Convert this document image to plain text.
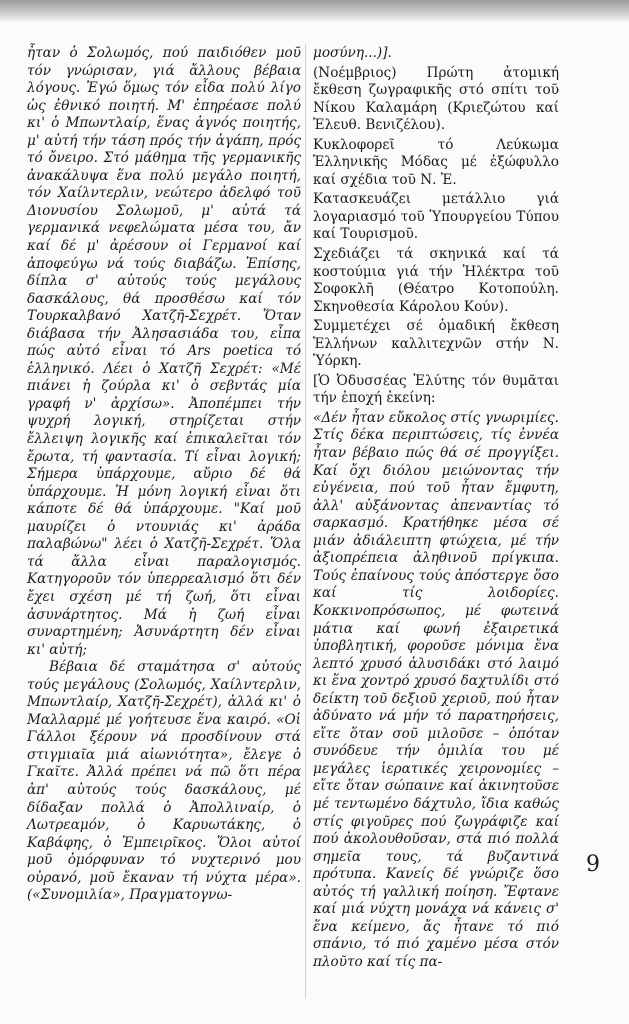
ἦταν ὁ Σολωμός, πού παιδιόθεν μοῦ τόν γνώρισαν, γιά ἄλλους βέβαια λόγους. Ἐγώ ὅμως τόν εἶδα πολύ λίγο ὡς ἐθνικό ποιητή. Μ' ἐπηρέασε πολύ κι' ὁ Μπωντλαίρ, ἕνας ἁγνός ποιητής, μ' αὐτή τήν τάση πρός τήν ἀγάπη, πρός τό ὄνειρο. Στό μάθημα τῆς γερμανικῆς ἀνακάλυψα ἕνα πολύ μεγάλο ποιητή, τόν Χαίλντερλιν, νεώτερο ἀδελφό τοῦ Διονυσίου Σολωμοῦ, μ' αὐτά τά γερμανικά νεφελώματα μέσα του, ἄν καί δέ μ' ἀρέσουν οἱ Γερμανοί καί ἀποφεύγω νά τούς διαβάζω. Ἐπίσης, δίπλα σ' αὐτούς τούς μεγάλους δασκάλους, θά προσθέσω καί τόν Τουρκαλβανό Χατζῆ-Σεχρέτ. Ὅταν διάβασα τήν Ἀλησασιάδα του, εἶπα πώς αὐτό εἶναι τό Ars poetica τό ἑλληνικό. Λέει ὁ Χατζῆ Σεχρέτ: «Μέ πιάνει ἡ ζούρλα κι' ὁ σεβντάς μία γραφή ν' ἀρχίσω». Ἀποπέμπει τήν ψυχρή λογική, στηρίζεται στήν ἔλλειψη λογικῆς καί ἐπικαλεῖται τόν ἔρωτα, τή φαντασία. Τί εἶναι λογική; Σήμερα ὑπάρχουμε, αὔριο δέ θά ὑπάρχουμε. Ἡ μόνη λογική εἶναι ὅτι κάποτε δέ θά ὑπάρχουμε. "Καί μοῦ μαυρίζει ὁ ντουνιάς κι' ἀράδα παλαβώνω" λέει ὁ Χατζῆ-Σεχρέτ. Ὅλα τά ἄλλα εἶναι παραλογισμός. Κατηγοροῦν τόν ὑπερρεαλισμό ὅτι δέν ἔχει σχέση μέ τή ζωή, ὅτι εἶναι ἀσυνάρτητος. Μά ἡ ζωή εἶναι συναρτημένη; Ἀσυνάρτητη δέν εἶναι κι' αὐτή;

Βέβαια δέ σταμάτησα σ' αὐτούς τούς μεγάλους (Σολωμός, Χαίλντερλιν, Μπωντλαίρ, Χατζῆ-Σεχρέτ), ἀλλά κι' ὁ Μαλλαρμέ μέ γοήτευσε ἕνα καιρό. «Οἱ Γάλλοι ξέρουν νά προσδίνουν στά στιγμιαῖα μιά αἰωνιότητα», ἔλεγε ὁ Γκαῖτε. Ἀλλά πρέπει νά πῶ ὅτι πέρα ἀπ' αὐτούς τούς δασκάλους, μέ δίδαξαν πολλά ὁ Ἀπολλιναίρ, ὁ Λωτρεαμόν, ὁ Καρυωτάκης, ὁ Καβάφης, ὁ Ἐμπειρῖκος. Ὅλοι αὐτοί μοῦ ὀμόρφυναν τό νυχτερινό μου οὐρανό, μοῦ ἔκαναν τή νύχτα μέρα». («Συνομιλία», Πραγματογνω-

μοσύνη...)].

(Νοέμβριος) Πρώτη ἀτομική ἔκθεση ζωγραφικῆς στό σπίτι τοῦ Νίκου Καλαμάρη (Κριεζώτου καί Ἐλευθ. Βενιζέλου).

Κυκλοφορεῖ τό Λεύκωμα Ἑλληνικῆς Μόδας μέ ἐξώφυλλο καί σχέδια τοῦ Ν. Ἐ.

Κατασκευάζει μετάλλιο γιά λογαριασμό τοῦ Ὑπουργείου Τύπου καί Τουρισμοῦ.

Σχεδιάζει τά σκηνικά καί τά κοστούμια γιά τήν Ἠλέκτρα τοῦ Σοφοκλῆ (Θέατρο Κοτοπούλη. Σκηνοθεσία Κάρολου Κούν).

Συμμετέχει σέ ὁμαδική ἔκθεση Ἑλλήνων καλλιτεχνῶν στήν Ν. Ὑόρκη.

[Ὁ Ὀδυσσέας Ἐλύτης τόν θυμᾶται τήν ἐποχή ἐκείνη:

«Δέν ἦταν εὔκολος στίς γνωριμίες. Στίς δέκα περιπτώσεις, τίς ἐννέα ἦταν βέβαιο πώς θά σέ προγγίξει. Καί ὄχι διόλου μειώνοντας τήν εὐγένεια, πού τοῦ ἦταν ἔμφυτη, ἀλλ' αὐξάνοντας ἀπεναντίας τό σαρκασμό. Κρατήθηκε μέσα σέ μιάν ἀδιάλειπτη φτώχεια, μέ τήν ἀξιοπρέπεια ἀληθινοῦ πρίγκιπα. Τούς ἐπαίνους τούς ἀπόστεργε ὅσο καί τίς λοιδορίες. Κοκκινοπρόσωπος, μέ φωτεινά μάτια καί φωνή ἐξαιρετικά ὑποβλητική, φοροῦσε μόνιμα ἕνα λεπτό χρυσό ἀλυσιδάκι στό λαιμό κι ἕνα χοντρό χρυσό δαχτυλίδι στό δείκτη τοῦ δεξιοῦ χεριοῦ, πού ἦταν ἀδύνατο νά μήν τό παρατηρήσεις, εἴτε ὅταν σοῦ μιλοῦσε – ὁπόταν συνόδευε τήν ὁμιλία του μέ μεγάλες ἱερατικές χειρονομίες – εἴτε ὅταν σώπαινε καί ἀκινητοῦσε μέ τεντωμένο δάχτυλο, ἴδια καθώς στίς φιγοῦρες πού ζωγράφιζε καί πού ἀκολουθοῦσαν, στά πιό πολλά σημεῖα τους, τά βυζαντινά πρότυπα. Κανείς δέ γνώριζε ὅσο αὐτός τή γαλλική ποίηση. Ἔφτανε καί μιά νύχτη μονάχα νά κάνεις σ' ἕνα κείμενο, ἄς ἦτανε τό πιό σπάνιο, τό πιό χαμένο μέσα στόν πλοῦτο καί τίς πα-

9
